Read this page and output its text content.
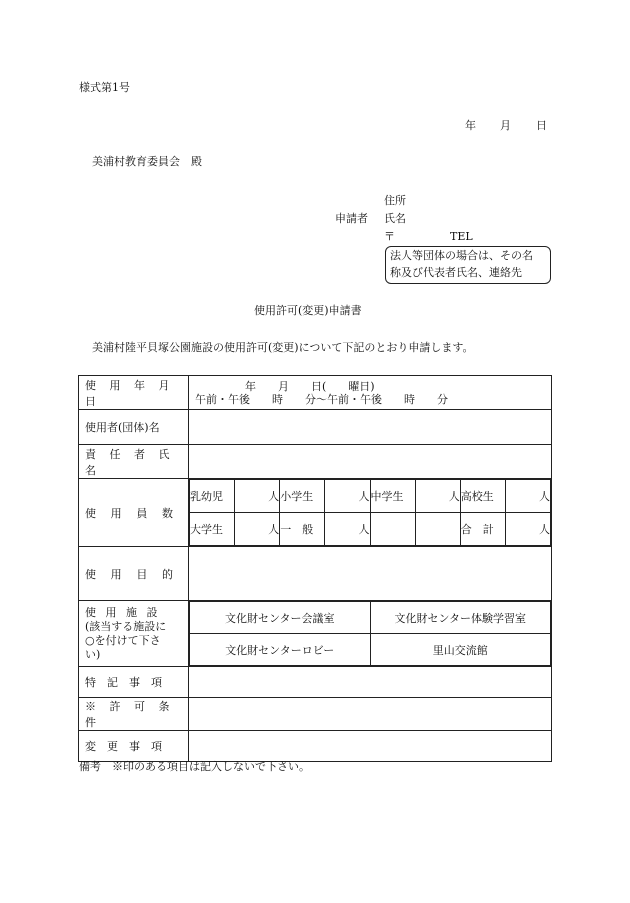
様式第1号
年 月 日
美浦村教育委員会　殿
住所
申請者 氏名
〒	TEL
法人等団体の場合は、その名
称及び代表者氏名、連絡先
使用許可(変更)申請書
美浦村陸平貝塚公園施設の使用許可(変更)について下記のとおり申請します。
使 用 年 月 日	
年　　月　　日(　　曜日)
午前・午後　　時　　分〜午前・午後　　時　　分

使用者(団体)名	
責 任 者 氏 名	

使 用 員 数

乳幼児	人	小学生	人	中学生	人	高校生	人
大学生	人	一　般	人			合　計	人

使 用 目 的

使 用 施 設
(該当する施設に
○を付けて下さ
い)

文化財センター会議室	文化財センター体験学習室
文化財センターロビー	里山交流館

特　記　事　項	
※ 許 可 条 件	
変　更　事　項	
備考　※印のある項目は記入しないで下さい。
